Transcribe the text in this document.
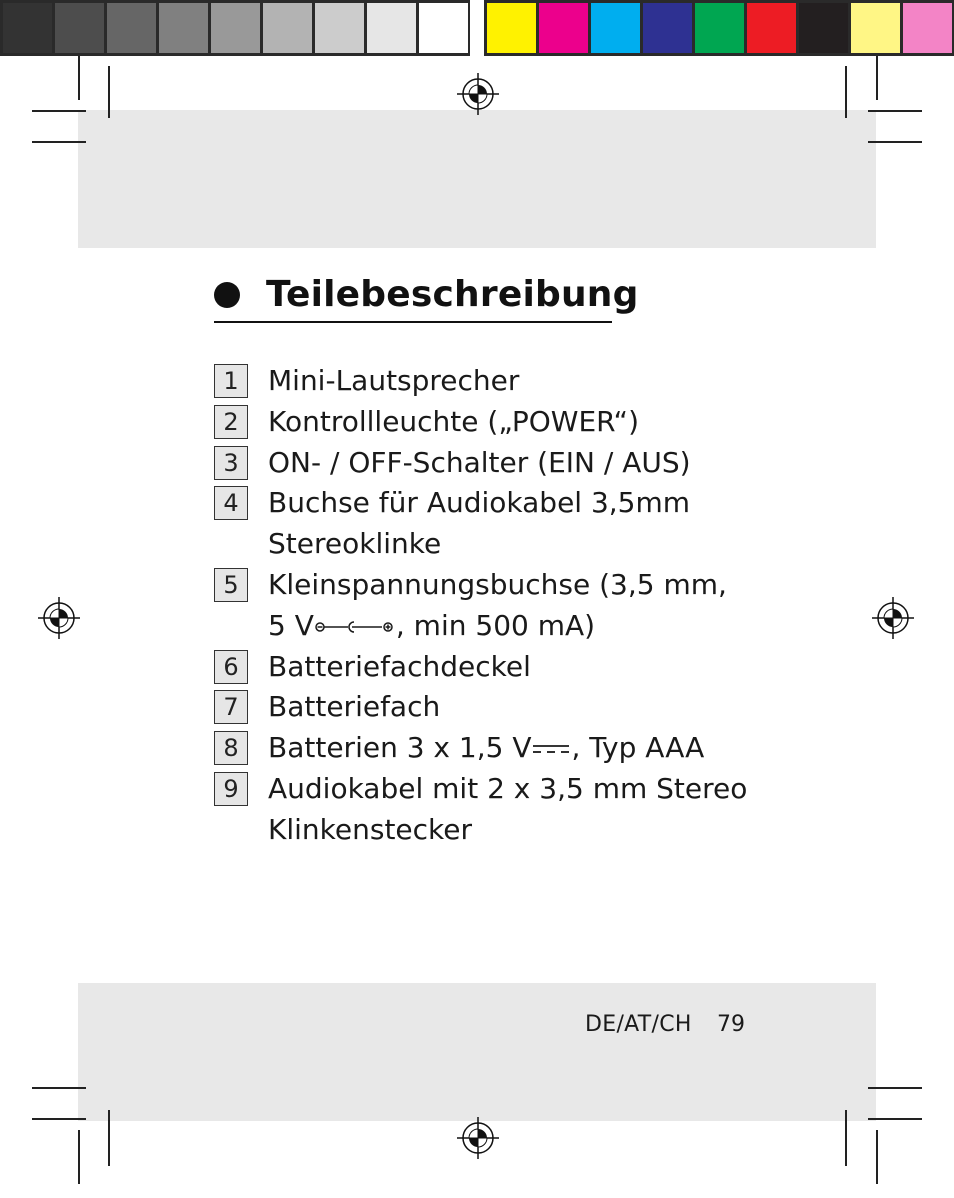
Teilebeschreibung
1	Mini-Lautsprecher
2	Kontrollleuchte („POWER“)
3	ON- / OFF-Schalter (EIN / AUS)
4	Buchse für Audiokabel 3,5mm
Stereoklinke
5	Kleinspannungsbuchse (3,5 mm,
5 V	, min 500 mA)
6	Batteriefachdeckel
7	Batteriefach
8	Batterien 3 x 1,5 V , Typ AAA
9	Audiokabel mit 2 x 3,5 mm Stereo
Klinkenstecker
DE/AT/CH 79
